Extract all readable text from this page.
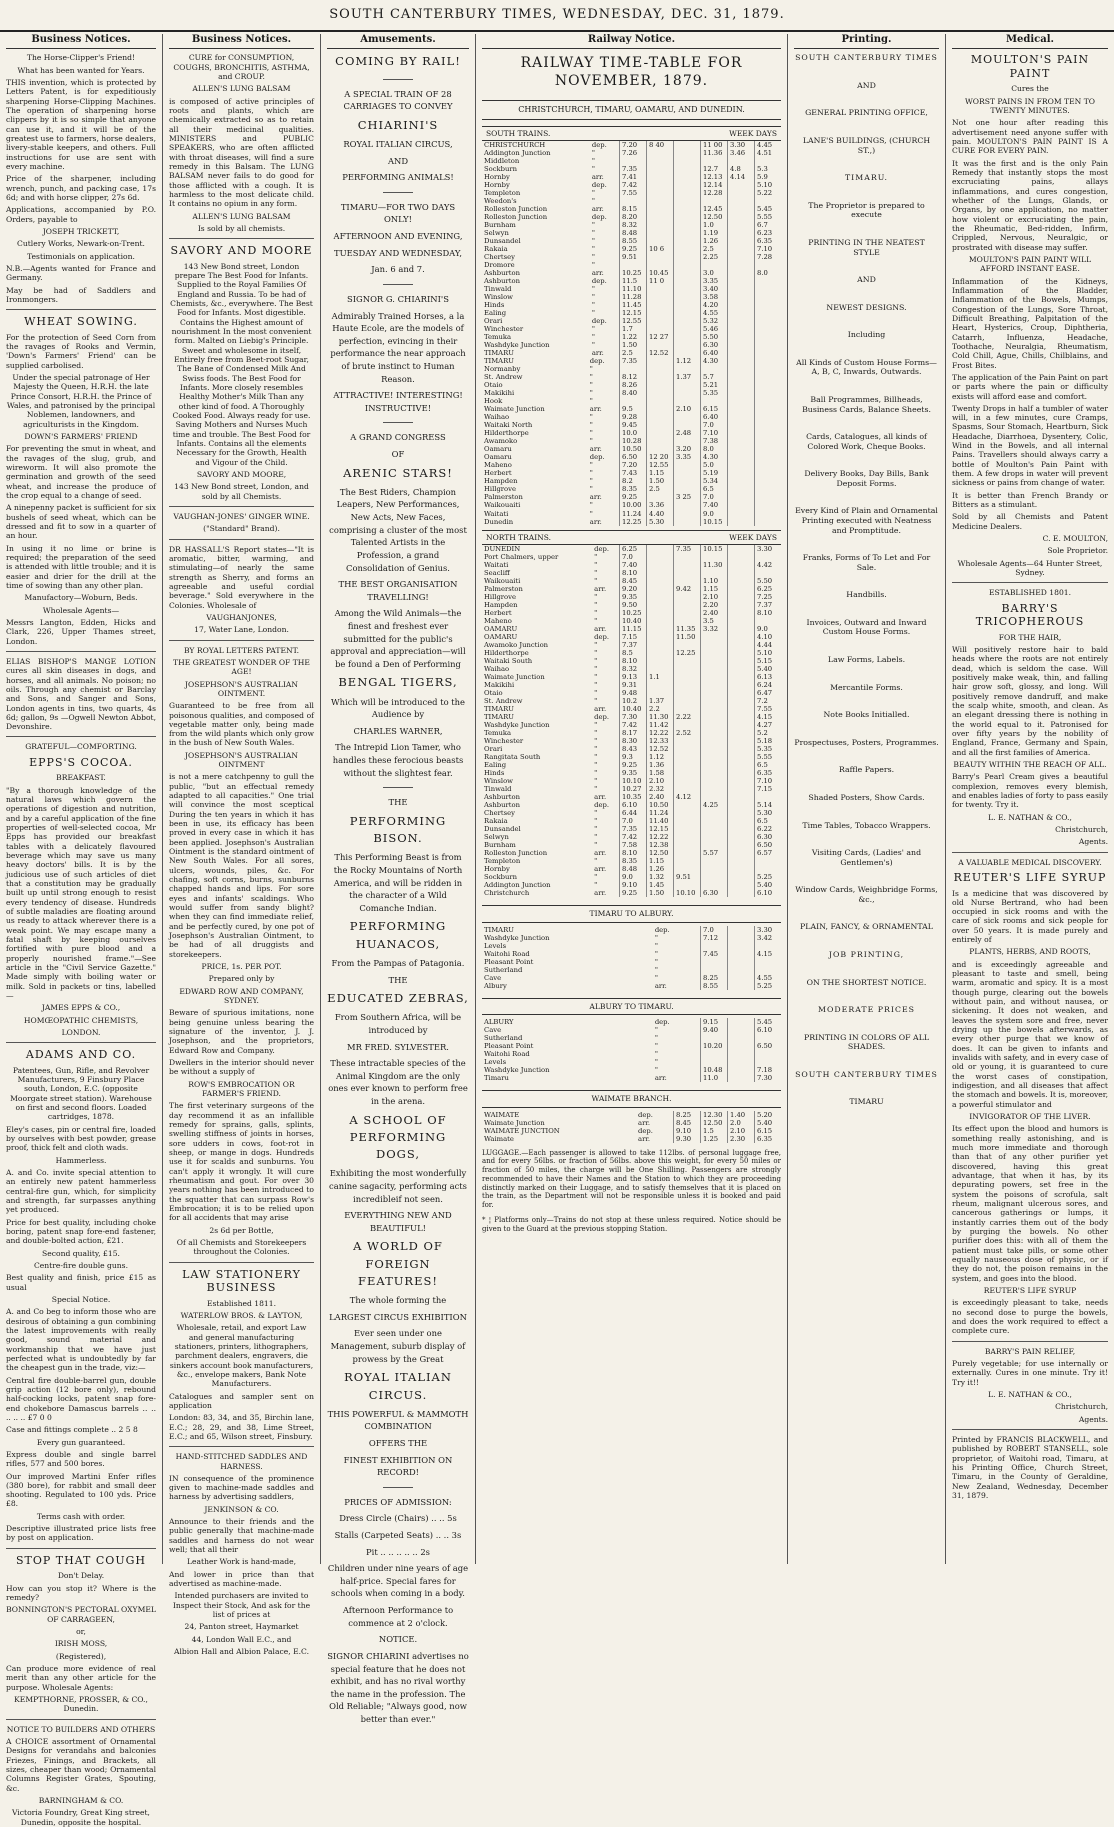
SOUTH CANTERBURY TIMES, WEDNESDAY, DEC. 31, 1879.
Business Notices.

The Horse-Clipper's Friend!

What has been wanted for Years.

THIS invention, which is protected by Letters Patent, is for expeditiously sharpening Horse-Clipping Machines. The operation of sharpening horse clippers by it is so simple that anyone can use it, and it will be of the greatest use to farmers, horse dealers, livery-stable keepers, and others. Full instructions for use are sent with every machine.

Price of the sharpener, including wrench, punch, and packing case, 17s 6d; and with horse clipper, 27s 6d.

Applications, accompanied by P.O. Orders, payable to

JOSEPH TRICKETT,

Cutlery Works, Newark-on-Trent.

Testimonials on application.

N.B.—Agents wanted for France and Germany.

May be had of Saddlers and Ironmongers.

WHEAT SOWING.

For the protection of Seed Corn from the ravages of Rooks and Vermin, 'Down's Farmers' Friend' can be supplied carbolised.

Under the special patronage of Her Majesty the Queen, H.R.H. the late Prince Consort, H.R.H. the Prince of Wales, and patronised by the principal Noblemen, landowners, and agriculturists in the Kingdom.

DOWN'S FARMERS' FRIEND

For preventing the smut in wheat, and the ravages of the slug, grub, and wireworm. It will also promote the germination and growth of the seed wheat, and increase the produce of the crop equal to a change of seed.

A ninepenny packet is sufficient for six bushels of seed wheat, which can be dressed and fit to sow in a quarter of an hour.

In using it no lime or brine is required; the preparation of the seed is attended with little trouble; and it is easier and drier for the drill at the time of sowing than any other plan.

Manufactory—Woburn, Beds.

Wholesale Agents—

Messrs Langton, Edden, Hicks and Clark, 226, Upper Thames street, London.

ELIAS BISHOP'S MANGE LOTION cures all skin diseases in dogs, and horses, and all animals. No poison; no oils. Through any chemist or Barclay and Sons, and Sanger and Sons, London agents in tins, two quarts, 4s 6d; gallon, 9s —Ogwell Newton Abbot, Devonshire.

GRATEFUL—COMFORTING.

EPPS'S COCOA.

BREAKFAST.

"By a thorough knowledge of the natural laws which govern the operations of digestion and nutrition, and by a careful application of the fine properties of well-selected cocoa, Mr Epps has provided our breakfast tables with a delicately flavoured beverage which may save us many heavy doctors' bills. It is by the judicious use of such articles of diet that a constitution may be gradually built up until strong enough to resist every tendency of disease. Hundreds of subtle maladies are floating around us ready to attack wherever there is a weak point. We may escape many a fatal shaft by keeping ourselves fortified with pure blood and a properly nourished frame."—See article in the "Civil Service Gazette." Made simply with boiling water or milk. Sold in packets or tins, labelled—

JAMES EPPS & CO.,

HOMŒOPATHIC CHEMISTS,

LONDON.

ADAMS AND CO.

Patentees, Gun, Rifle, and Revolver Manufacturers, 9 Finsbury Place south, London, E.C. (opposite Moorgate street station). Warehouse on first and second floors. Loaded cartridges, 1878.

Eley's cases, pin or central fire, loaded by ourselves with best powder, grease proof, thick felt and cloth wads.

Hammerless.

A. and Co. invite special attention to an entirely new patent hammerless central-fire gun, which, for simplicity and strength, far surpasses anything yet produced.

Price for best quality, including choke boring, patent snap fore-end fastener, and double-bolted action, £21.

Second quality, £15.

Centre-fire double guns.

Best quality and finish, price £15 as usual

Special Notice.

A. and Co beg to inform those who are desirous of obtaining a gun combining the latest improvements with really good, sound material and workmanship that we have just perfected what is undoubtedly by far the cheapest gun in the trade, viz:—

Central fire double-barrel gun, double grip action (12 bore only), rebound half-cocking locks, patent snap fore-end chokebore Damascus barrels .. .. .. .. .. £7 0 0

Case and fittings complete .. 2 5 8

Every gun guaranteed.

Express double and single barrel rifles, 577 and 500 bores.

Our improved Martini Enfer rifles (380 bore), for rabbit and small deer shooting. Regulated to 100 yds. Price £8.

Terms cash with order.

Descriptive illustrated price lists free by post on application.

STOP THAT COUGH

Don't Delay.

How can you stop it? Where is the remedy?

BONNINGTON'S PECTORAL OXYMEL OF CARRAGEEN,

or,

IRISH MOSS,

(Registered),

Can produce more evidence of real merit than any other article for the purpose. Wholesale Agents:

KEMPTHORNE, PROSSER, & CO., Dunedin.

NOTICE TO BUILDERS AND OTHERS

A CHOICE assortment of Ornamental Designs for verandahs and balconies Friezes, Finings, and Brackets, all sizes, cheaper than wood; Ornamental Columns Register Grates, Spouting, &c.

BARNINGHAM & CO.

Victoria Foundry, Great King street, Dunedin, opposite the hospital.

Business Notices.

CURE for CONSUMPTION, COUGHS, BRONCHITIS, ASTHMA, and CROUP.

ALLEN'S LUNG BALSAM

is composed of active principles of roots and plants, which are chemically extracted so as to retain all their medicinal qualities. MINISTERS and PUBLIC SPEAKERS, who are often afflicted with throat diseases, will find a sure remedy in this Balsam. The LUNG BALSAM never fails to do good for those afflicted with a cough. It is harmless to the most delicate child. It contains no opium in any form.

ALLEN'S LUNG BALSAM

Is sold by all chemists.

SAVORY AND MOORE

143 New Bond street, London prepare The Best Food for Infants. Supplied to the Royal Families Of England and Russia. To be had of Chemists, &c., everywhere. The Best Food for Infants. Most digestible. Contains the Highest amount of nourishment In the most convenient form. Malted on Liebig's Principle. Sweet and wholesome in itself, Entirely free from Beet-root Sugar, The Bane of Condensed Milk And Swiss foods. The Best Food for Infants. More closely resembles Healthy Mother's Milk Than any other kind of food. A Thoroughly Cooked Food. Always ready for use. Saving Mothers and Nurses Much time and trouble. The Best Food for Infants. Contains all the elements Necessary for the Growth, Health and Vigour of the Child.

SAVORY AND MOORE,

143 New Bond street, London, and sold by all Chemists.

VAUGHAN-JONES' GINGER WINE.

("Standard" Brand).

DR HASSALL'S Report states—"It is aromatic, bitter, warming, and stimulating—of nearly the same strength as Sherry, and forms an agreeable and useful cordial beverage." Sold everywhere in the Colonies. Wholesale of

VAUGHANJONES,

17, Water Lane, London.

BY ROYAL LETTERS PATENT.

THE GREATEST WONDER OF THE AGE!

JOSEPHSON'S AUSTRALIAN OINTMENT.

Guaranteed to be free from all poisonous qualities, and composed of vegetable matter only, being made from the wild plants which only grow in the bush of New South Wales.

JOSEPHSON'S AUSTRALIAN OINTMENT

is not a mere catchpenny to gull the public, "but an effectual remedy adapted to all capacities." One trial will convince the most sceptical During the ten years in which it has been in use, its efficacy has been proved in every case in which it has been applied. Josephson's Australian Ointment is the standard ointment of New South Wales. For all sores, ulcers, wounds, piles, &c. For chafing, soft corns, burns, sunburns chapped hands and lips. For sore eyes and infants' scaldings. Who would suffer from sandy blight? when they can find immediate relief, and be perfectly cured, by one pot of Josephson's Australian Ointment, to be had of all druggists and storekeepers.

PRICE, 1s. PER POT.

Prepared only by

EDWARD ROW AND COMPANY, SYDNEY.

Beware of spurious imitations, none being genuine unless bearing the signature of the inventor, J. J. Josephson, and the proprietors, Edward Row and Company.

Dwellers in the interior should never be without a supply of

ROW'S EMBROCATION OR FARMER'S FRIEND.

The first veterinary surgeons of the day recommend it as an infallible remedy for sprains, galls, splints, swelling stiffness of joints in horses, sore udders in cows, foot-rot in sheep, or mange in dogs. Hundreds use it for scalds and sunburns. You can't apply it wrongly. It will cure rheumatism and gout. For over 30 years nothing has been introduced to the squatter that can surpass Row's Embrocation; it is to be relied upon for all accidents that may arise

2s 6d per Bottle,

Of all Chemists and Storekeepers throughout the Colonies.

LAW STATIONERY BUSINESS

Established 1811.

WATERLOW BROS. & LAYTON,

Wholesale, retail, and export Law and general manufacturing stationers, printers, lithographers, parchment dealers, engravers, die sinkers account book manufacturers, &c., envelope makers, Bank Note Manufacturers.

Catalogues and sampler sent on application

London: 83, 34, and 35, Birchin lane, E.C.; 28, 29, and 38, Lime Street, E.C.; and 65, Wilson street, Finsbury.

HAND-STITCHED SADDLES AND HARNESS.

IN consequence of the prominence given to machine-made saddles and harness by advertising saddlers,

JENKINSON & CO.

Announce to their friends and the public generally that machine-made saddles and harness do not wear well; that all their

Leather Work is hand-made,

And lower in price than that advertised as machine-made.

Intended purchasers are invited to Inspect their Stock, And ask for the list of prices at

24, Panton street, Haymarket

44, London Wall E.C., and

Albion Hall and Albion Palace, E.C.

Amusements.

COMING BY RAIL!

A SPECIAL TRAIN OF 28 CARRIAGES TO CONVEY

CHIARINI'S

ROYAL ITALIAN CIRCUS,

AND

PERFORMING ANIMALS!

TIMARU—FOR TWO DAYS ONLY!

AFTERNOON AND EVENING,

TUESDAY AND WEDNESDAY,

Jan. 6 and 7.

SIGNOR G. CHIARINI'S

Admirably Trained Horses, a la Haute Ecole, are the models of perfection, evincing in their performance the near approach of brute instinct to Human Reason.

ATTRACTIVE! INTERESTING! INSTRUCTIVE!

A GRAND CONGRESS

OF

ARENIC STARS!

The Best Riders, Champion Leapers, New Performances, New Acts, New Faces, comprising a cluster of the most Talented Artists in the Profession, a grand Consolidation of Genius.

THE BEST ORGANISATION TRAVELLING!

Among the Wild Animals—the finest and freshest ever submitted for the public's approval and appreciation—will be found a Den of Performing

BENGAL TIGERS,

Which will be introduced to the Audience by

CHARLES WARNER,

The Intrepid Lion Tamer, who handles these ferocious beasts without the slightest fear.

THE

PERFORMING BISON.

This Performing Beast is from the Rocky Mountains of North America, and will be ridden in the character of a Wild Comanche Indian.

PERFORMING HUANACOS,

From the Pampas of Patagonia.

THE

EDUCATED ZEBRAS,

From Southern Africa, will be introduced by

MR FRED. SYLVESTER.

These intractable species of the Animal Kingdom are the only ones ever known to perform free in the arena.

A SCHOOL OF PERFORMING DOGS,

Exhibiting the most wonderfully canine sagacity, performing acts incredibleif not seen.

EVERYTHING NEW AND BEAUTIFUL!

A WORLD OF FOREIGN FEATURES!

The whole forming the

LARGEST CIRCUS EXHIBITION

Ever seen under one Management, suburb display of prowess by the Great

ROYAL ITALIAN CIRCUS.

THIS POWERFUL & MAMMOTH COMBINATION

OFFERS THE

FINEST EXHIBITION ON RECORD!

PRICES OF ADMISSION:

Dress Circle (Chairs) .. .. 5s

Stalls (Carpeted Seats) .. .. 3s

Pit .. .. .. .. .. 2s

Children under nine years of age half-price. Special fares for schools when coming in a body.

Afternoon Performance to commence at 2 o'clock.

NOTICE.

SIGNOR CHIARINI advertises no special feature that he does not exhibit, and has no rival worthy the name in the profession. The Old Reliable; "Always good, now better than ever."

Railway Notice.
RAILWAY TIME-TABLE FOR NOVEMBER, 1879.
CHRISTCHURCH, TIMARU, OAMARU, AND DUNEDIN.
SOUTH TRAINS.	WEEK DAYS
CHRISTCHURCH	dep.	7.20	8 40		11 00	3.30	4.45
Addington Junction	"	7.26			11.36	3.46	4.51
Middleton	"						
Sockburn	"	7.35			12.7	4.8	5.3
Hornby	arr.	7.41			12.13	4.14	5.9
Hornby	dep.	7.42			12.14		5.10
Templeton	"	7.55			12.28		5.22
Weedon's	"						
Rolleston Junction	arr.	8.15			12.45		5.45
Rolleston Junction	dep.	8.20			12.50		5.55
Burnham	"	8.32			1.0		6.7
Selwyn	"	8.48			1.19		6.23
Dunsandel	"	8.55			1.26		6.35
Rakaia	"	9.25	10 6		2.5		7.10
Chertsey	"	9.51			2.25		7.28
Dromore	"						
Ashburton	arr.	10.25	10.45		3.0		8.0
Ashburton	dep.	11.5	11 0		3.35		
Tinwald	"	11.10			3.40		
Winslow	"	11.28			3.58		
Hinds	"	11.45			4.20		
Ealing	"	12.15			4.55		
Orari	dep.	12.55			5.32		
Winchester	"	1.7			5.46		
Temuka	"	1.22	12 27		5.50		
Washdyke Junction	"	1.50			6.30		
TIMARU	arr.	2.5	12.52		6.40		
TIMARU	dep.	7.35		1.12	4.30		
Normanby	"						
St. Andrew	"	8.12		1.37	5.7		
Otaio	"	8.26			5.21		
Makikihi	"	8.40			5.35		
Hook	"						
Waimate Junction	arr.	9.5		2.10	6.15		
Waihao	"	9.28			6.40		
Waitaki North	"	9.45			7.0		
Hilderthorpe	"	10.0		2.48	7.10		
Awamoko	"	10.28			7.38		
Oamaru	arr.	10.50		3.20	8.0		
Oamaru	dep.	6.50	12 20	3.35	4.30		
Maheno	"	7.20	12.55		5.0		
Herbert	"	7.43	1.15		5.19		
Hampden	"	8.2	1.50		5.34		
Hillgrove	"	8.35	2.5		6.5		
Palmerston	arr.	9.25		3 25	7.0		
Waikouaiti	"	10.00	3.36		7.40		
Waitati	"	11.24	4.40		9.0		
Dunedin	arr.	12.25	5.30		10.15		
NORTH TRAINS.	WEEK DAYS
DUNEDIN	dep.	6.25		7.35	10.15		3.30
Port Chalmers, upper	"	7.0					
Waitati	"	7.40			11.30		4.42
Seacliff	"	8.10					
Waikouaiti	"	8.45			1.10		5.50
Palmerston	arr.	9.20		9.42	1.15		6.25
Hillgrove	"	9.35			2.10		7.25
Hampden	"	9.50			2.20		7.37
Herbert	"	10.25			2.40		8.10
Maheno	"	10.40			3.5		
OAMARU	arr.	11.15		11.35	3.32		9.0
OAMARU	dep.	7.15		11.50			4.10
Awamoko Junction	"	7.37					4.44
Hilderthorpe	"	8.5		12.25			5.10
Waitaki South	"	8.10					5.15
Waihao	"	8.32					5.40
Waimate Junction	"	9.13	1.1				6.13
Makikihi	"	9.31					6.24
Otaio	"	9.48					6.47
St. Andrew	"	10.2	1.37				7.2
TIMARU	arr.	10.40	2.2				7.55
TIMARU	dep.	7.30	11.30	2.22			4.15
Washdyke Junction	"	7.42	11.42				4.27
Temuka	"	8.17	12.22	2.52			5.2
Winchester	"	8.30	12.33				5.18
Orari	"	8.43	12.52				5.35
Rangitata South	"	9.3	1.12				5.55
Ealing	"	9.25	1.36				6.5
Hinds	"	9.35	1.58				6.35
Winslow	"	10.10	2.10				7.10
Tinwald	"	10.27	2.32				7.15
Ashburton	arr.	10.35	2.40	4.12			
Ashburton	dep.	6.10	10.50		4.25		5.14
Chertsey	"	6.44	11.24				5.30
Rakaia	"	7.0	11.40				6.5
Dunsandel	"	7.35	12.15				6.22
Selwyn	"	7.42	12.22				6.30
Burnham	"	7.58	12.38				6.50
Rolleston Junction	arr.	8.10	12.50		5.57		6.57
Templeton	"	8.35	1.15				
Hornby	arr.	8.48	1.26				
Sockburn	"	9.0	1.32	9.51			5.25
Addington Junction	"	9.10	1.45				5.40
Christchurch	arr.	9.25	1.50	10.10	6.30		6.10
TIMARU TO ALBURY.
TIMARU	dep.	7.0		3.30
Washdyke Junction	"	7.12		3.42
Levels	"			
Waitohi Road	"	7.45		4.15
Pleasant Point	"			
Sutherland	"			
Cave	"	8.25		4.55
Albury	arr.	8.55		5.25
ALBURY TO TIMARU.
ALBURY	dep.	9.15		5.45
Cave	"	9.40		6.10
Sutherland	"			
Pleasant Point	"	10.20		6.50
Waitohi Road	"			
Levels	"			
Washdyke Junction	"	10.48		7.18
Timaru	arr.	11.0		7.30
WAIMATE BRANCH.
WAIMATE	dep.	8.25	12.30	1.40	5.20
Waimate Junction	arr.	8.45	12.50	2.0	5.40
WAIMATE JUNCTION	dep.	9.10	1.5	2.10	6.15
Waimate	arr.	9.30	1.25	2.30	6.35

LUGGAGE.—Each passenger is allowed to take 112lbs. of personal luggage free, and for every 56lbs. or fraction of 56lbs. above this weight, for every 50 miles or fraction of 50 miles, the charge will be One Shilling. Passengers are strongly recommended to have their Names and the Station to which they are proceeding distinctly marked on their Luggage, and to satisfy themselves that it is placed on the train, as the Department will not be responsible unless it is booked and paid for.

* ¦ Platforms only—Trains do not stop at these unless required. Notice should be given to the Guard at the previous stopping Station.

Printing.

SOUTH CANTERBURY TIMES

AND

GENERAL PRINTING OFFICE,

LANE'S BUILDINGS, (CHURCH ST.,)

TIMARU.

The Proprietor is prepared to execute

PRINTING IN THE NEATEST STYLE

AND

NEWEST DESIGNS.

Including

All Kinds of Custom House Forms—A, B, C, Inwards, Outwards.

Ball Programmes, Billheads, Business Cards, Balance Sheets.

Cards, Catalogues, all kinds of Colored Work, Cheque Books.

Delivery Books, Day Bills, Bank Deposit Forms.

Every Kind of Plain and Ornamental Printing executed with Neatness and Promptitude.

Franks, Forms of To Let and For Sale.

Handbills.

Invoices, Outward and Inward Custom House Forms.

Law Forms, Labels.

Mercantile Forms.

Note Books Initialled.

Prospectuses, Posters, Programmes.

Raffle Papers.

Shaded Posters, Show Cards.

Time Tables, Tobacco Wrappers.

Visiting Cards, (Ladies' and Gentlemen's)

Window Cards, Weighbridge Forms, &c.,

PLAIN, FANCY, & ORNAMENTAL

JOB PRINTING,

ON THE SHORTEST NOTICE.

MODERATE PRICES

PRINTING IN COLORS OF ALL SHADES.

SOUTH CANTERBURY TIMES

TIMARU

Medical.

MOULTON'S PAIN PAINT

Cures the

WORST PAINS IN FROM TEN TO TWENTY MINUTES.

Not one hour after reading this advertisement need anyone suffer with pain. MOULTON'S PAIN PAINT IS A CURE FOR EVERY PAIN.

It was the first and is the only Pain Remedy that instantly stops the most excruciating pains, allays inflammations, and cures congestion, whether of the Lungs, Glands, or Organs, by one application, no matter how violent or excruciating the pain, the Rheumatic, Bed-ridden, Infirm, Crippled, Nervous, Neuralgic, or prostrated with disease may suffer.

MOULTON'S PAIN PAINT WILL AFFORD INSTANT EASE.

Inflammation of the Kidneys, Inflammation of the Bladder, Inflammation of the Bowels, Mumps, Congestion of the Lungs, Sore Throat, Difficult Breathing, Palpitation of the Heart, Hysterics, Croup, Diphtheria, Catarrh, Influenza, Headache, Toothache, Neuralgia, Rheumatism, Cold Chill, Ague, Chills, Chilblains, and Frost Bites.

The application of the Pain Paint on part or parts where the pain or difficulty exists will afford ease and comfort.

Twenty Drops in half a tumbler of water will, in a few minutes, cure Cramps, Spasms, Sour Stomach, Heartburn, Sick Headache, Diarrhoea, Dysentery, Colic, Wind in the Bowels, and all internal Pains. Travellers should always carry a bottle of Moulton's Pain Paint with them. A few drops in water will prevent sickness or pains from change of water.

It is better than French Brandy or Bitters as a stimulant.

Sold by all Chemists and Patent Medicine Dealers.

C. E. MOULTON,

Sole Proprietor.

Wholesale Agents—64 Hunter Street, Sydney.

ESTABLISHED 1801.

BARRY'S TRICOPHEROUS

FOR THE HAIR,

Will positively restore hair to bald heads where the roots are not entirely dead, which is seldom the case. Will positively make weak, thin, and falling hair grow soft, glossy, and long. Will positively remove dandruff, and make the scalp white, smooth, and clean. As an elegant dressing there is nothing in the world equal to it. Patronised for over fifty years by the nobility of England, France, Germany and Spain, and all the first families of America.

BEAUTY WITHIN THE REACH OF ALL.

Barry's Pearl Cream gives a beautiful complexion, removes every blemish, and enables ladies of forty to pass easily for twenty. Try it.

L. E. NATHAN & CO.,

Christchurch,

Agents.

A VALUABLE MEDICAL DISCOVERY.

REUTER'S LIFE SYRUP

Is a medicine that was discovered by old Nurse Bertrand, who had been occupied in sick rooms and with the care of sick rooms and sick people for over 50 years. It is made purely and entirely of

PLANTS, HERBS, AND ROOTS,

and is exceedingly agreeable and pleasant to taste and smell, being warm, aromatic and spicy. It is a most though purge, clearing out the bowels without pain, and without nausea, or sickening. It does not weaken, and leaves the system sore and free, never drying up the bowels afterwards, as every other purge that we know of does. It can be given to infants and invalids with safety, and in every case of old or young, it is guaranteed to cure the worst cases of constipation, indigestion, and all diseases that affect the stomach and bowels. It is, moreover, a powerful stimulator and

INVIGORATOR OF THE LIVER.

Its effect upon the blood and humors is something really astonishing, and is much more immediate and thorough than that of any other purifier yet discovered, having this great advantage, that when it has, by its depurating powers, set free in the system the poisons of scrofula, salt rheum, malignant ulcerous sores, and cancerous gatherings or lumps, it instantly carries them out of the body by purging the bowels. No other purifier does this: with all of them the patient must take pills, or some other equally nauseous dose of physic, or if they do not, the poison remains in the system, and goes into the blood.

REUTER'S LIFE SYRUP

is exceedingly pleasant to take, needs no second dose to purge the bowels, and does the work required to effect a complete cure.

BARRY'S PAIN RELIEF,

Purely vegetable; for use internally or externally. Cures in one minute. Try it! Try it!!

L. E. NATHAN & CO.,

Christchurch,

Agents.

Printed by FRANCIS BLACKWELL, and published by ROBERT STANSELL, sole proprietor, of Waitohi road, Timaru, at his Printing Office, Church Street, Timaru, in the County of Geraldine, New Zealand, Wednesday, December 31, 1879.
